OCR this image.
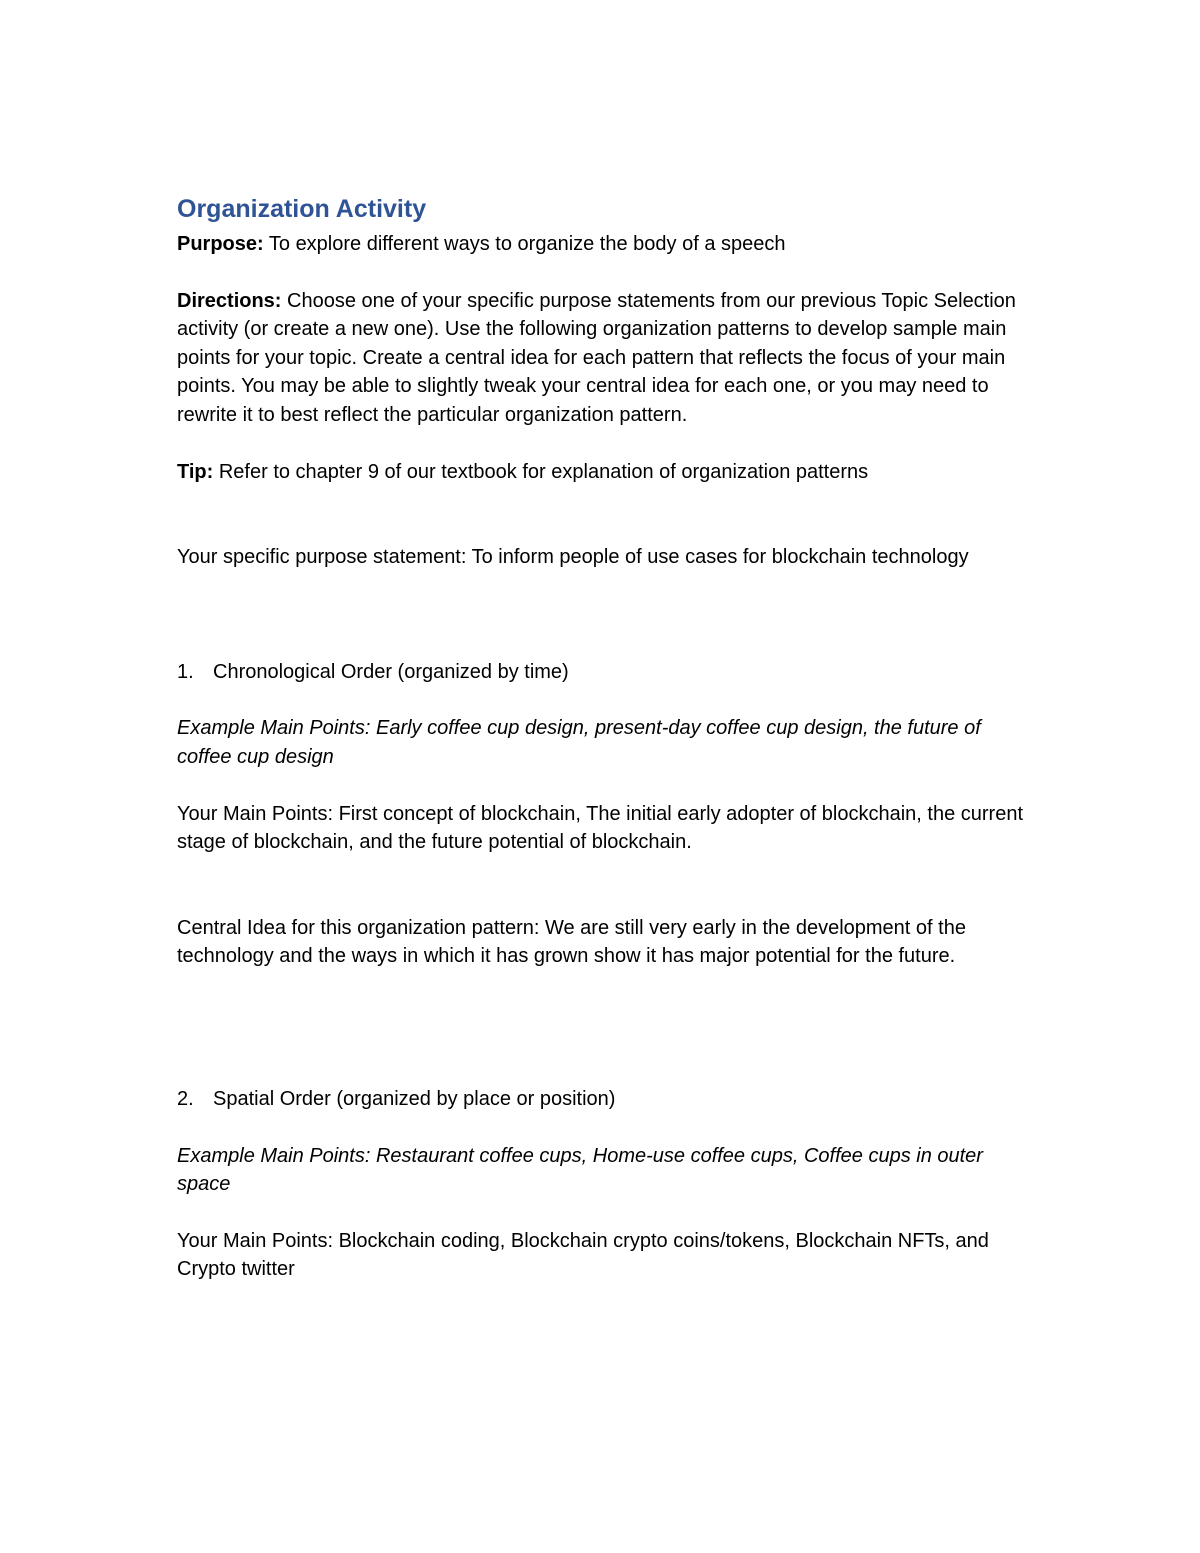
Organization Activity

Purpose: To explore different ways to organize the body of a speech

Directions: Choose one of your specific purpose statements from our previous Topic Selection activity (or create a new one). Use the following organization patterns to develop sample main points for your topic. Create a central idea for each pattern that reflects the focus of your main points. You may be able to slightly tweak your central idea for each one, or you may need to rewrite it to best reflect the particular organization pattern.

Tip: Refer to chapter 9 of our textbook for explanation of organization patterns

Your specific purpose statement: To inform people of use cases for blockchain technology

1. Chronological Order (organized by time)

Example Main Points: Early coffee cup design, present-day coffee cup design, the future of coffee cup design

Your Main Points: First concept of blockchain, The initial early adopter of blockchain, the current stage of blockchain, and the future potential of blockchain.

Central Idea for this organization pattern: We are still very early in the development of the technology and the ways in which it has grown show it has major potential for the future.

2. Spatial Order (organized by place or position)

Example Main Points: Restaurant coffee cups, Home-use coffee cups, Coffee cups in outer space

Your Main Points: Blockchain coding, Blockchain crypto coins/tokens, Blockchain NFTs, and Crypto twitter
